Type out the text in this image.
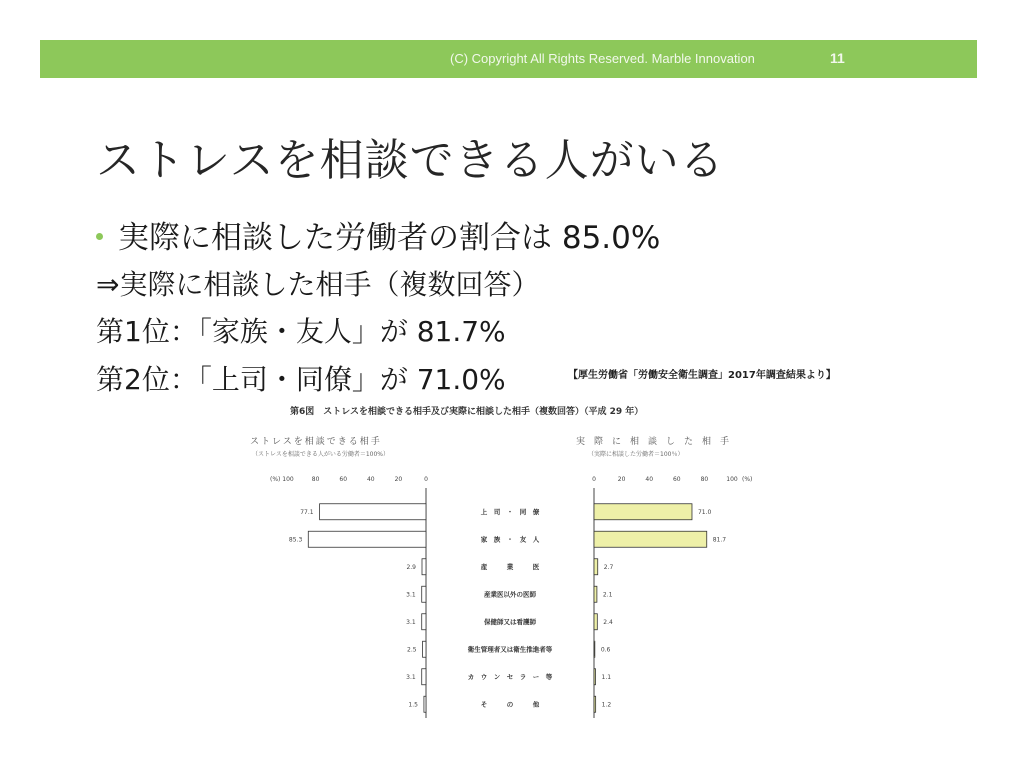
(C) Copyright All Rights Reserved. Marble Innovation	11
ストレスを相談できる人がいる
実際に相談した労働者の割合は 85.0%
⇒実際に相談した相手（複数回答）
第1位：「家族・友人」が 81.7%
第2位：「上司・同僚」が 71.0%	【厚生労働省「労働安全衛生調査」2017年調査結果より】
第6図　ストレスを相談できる相手及び実際に相談した相手（複数回答）（平成 29 年）
ストレスを相談できる相手
（ストレスを相談できる人がいる労働者＝100%）
実　際　に　相　談　し　た　相　手
（実際に相談した労働者＝100％）
(%) 100	80	60	40	20	0	0	20	40	60	80	100 (%)
77.1	上　司　・　同　僚	71.0
85.3	家　族　・　友　人	81.7
2.9	産　　　業　　　医	2.7
3.1	産業医以外の医師	2.1
3.1	保健師又は看護師	2.4
2.5	衛生管理者又は衛生推進者等	0.6
3.1	カ　ウ　ン　セ　ラ　ー　等	1.1
1.5	そ　　　の　　　他	1.2
